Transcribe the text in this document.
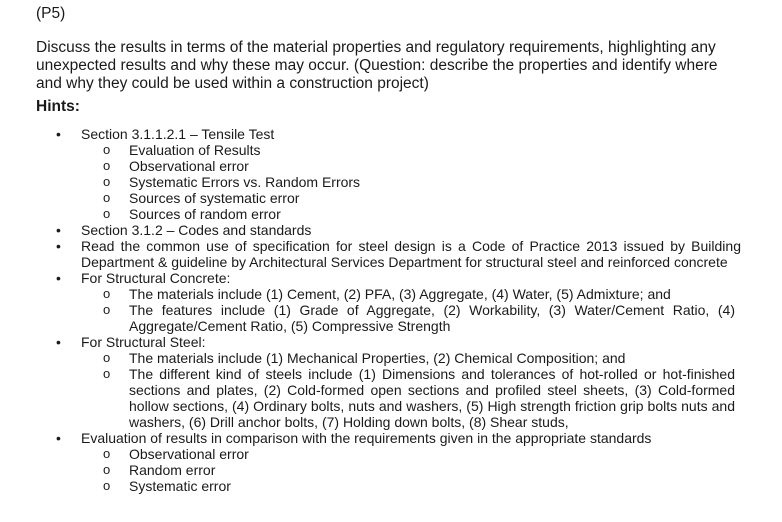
(P5)
Discuss the results in terms of the material properties and regulatory requirements, highlighting any unexpected results and why these may occur. (Question: describe the properties and identify where and why they could be used within a construction project)
Hints:
• Section 3.1.1.2.1 – Tensile Test
o Evaluation of Results
o Observational error
o Systematic Errors vs. Random Errors
o Sources of systematic error
o Sources of random error
• Section 3.1.2 – Codes and standards
• Read the common use of specification for steel design is a Code of Practice 2013 issued by Building Department & guideline by Architectural Services Department for structural steel and reinforced concrete
• For Structural Concrete:
o The materials include (1) Cement, (2) PFA, (3) Aggregate, (4) Water, (5) Admixture; and
o The features include (1) Grade of Aggregate, (2) Workability, (3) Water/Cement Ratio, (4) Aggregate/Cement Ratio, (5) Compressive Strength
• For Structural Steel:
o The materials include (1) Mechanical Properties, (2) Chemical Composition; and
o The different kind of steels include (1) Dimensions and tolerances of hot-rolled or hot-finished sections and plates, (2) Cold-formed open sections and profiled steel sheets, (3) Cold-formed hollow sections, (4) Ordinary bolts, nuts and washers, (5) High strength friction grip bolts nuts and washers, (6) Drill anchor bolts, (7) Holding down bolts, (8) Shear studs,
• Evaluation of results in comparison with the requirements given in the appropriate standards
o Observational error
o Random error
o Systematic error
